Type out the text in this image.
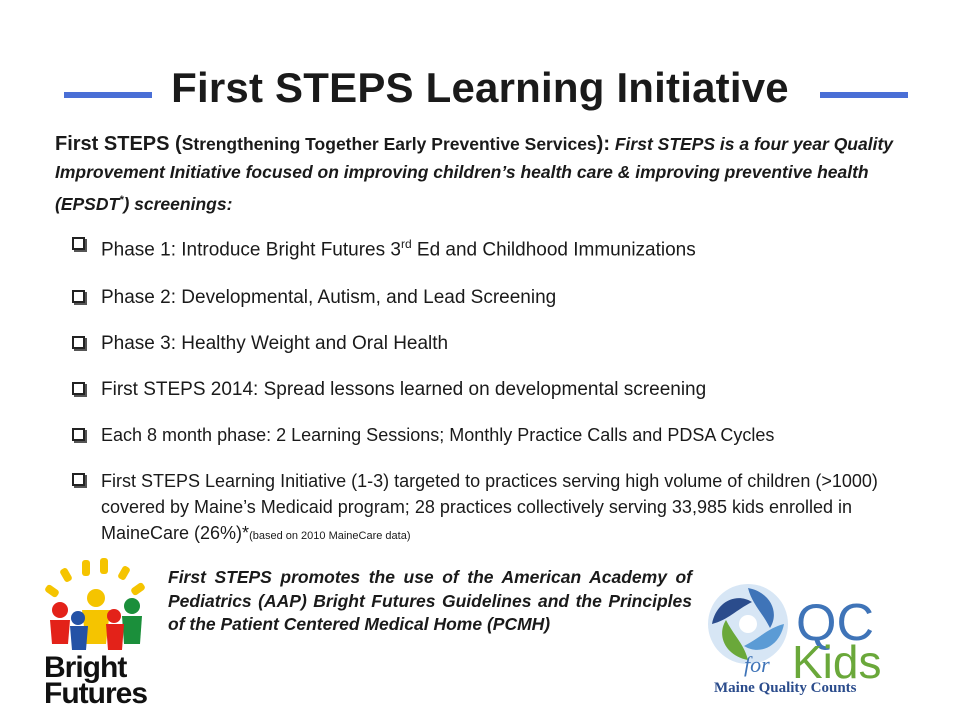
First STEPS Learning Initiative
First STEPS (Strengthening Together Early Preventive Services): First STEPS is a four year Quality Improvement Initiative focused on improving children’s health care & improving preventive health (EPSDT*) screenings:
Phase 1: Introduce Bright Futures 3rd Ed and Childhood Immunizations
Phase 2: Developmental, Autism, and Lead Screening
Phase 3: Healthy Weight and Oral Health
First STEPS 2014: Spread lessons learned on developmental screening
Each 8 month phase: 2 Learning Sessions; Monthly Practice Calls and PDSA Cycles
First STEPS Learning Initiative (1-3) targeted to practices serving high volume of children (>1000) covered by Maine’s Medicaid program; 28 practices collectively serving 33,985 kids enrolled in MaineCare (26%)*(based on 2010 MaineCare data)
Bright
Futures
First STEPS promotes the use of the American Academy of Pediatrics (AAP) Bright Futures Guidelines and the Principles of the Patient Centered Medical Home (PCMH)	QC
for Kids
Maine Quality Counts
